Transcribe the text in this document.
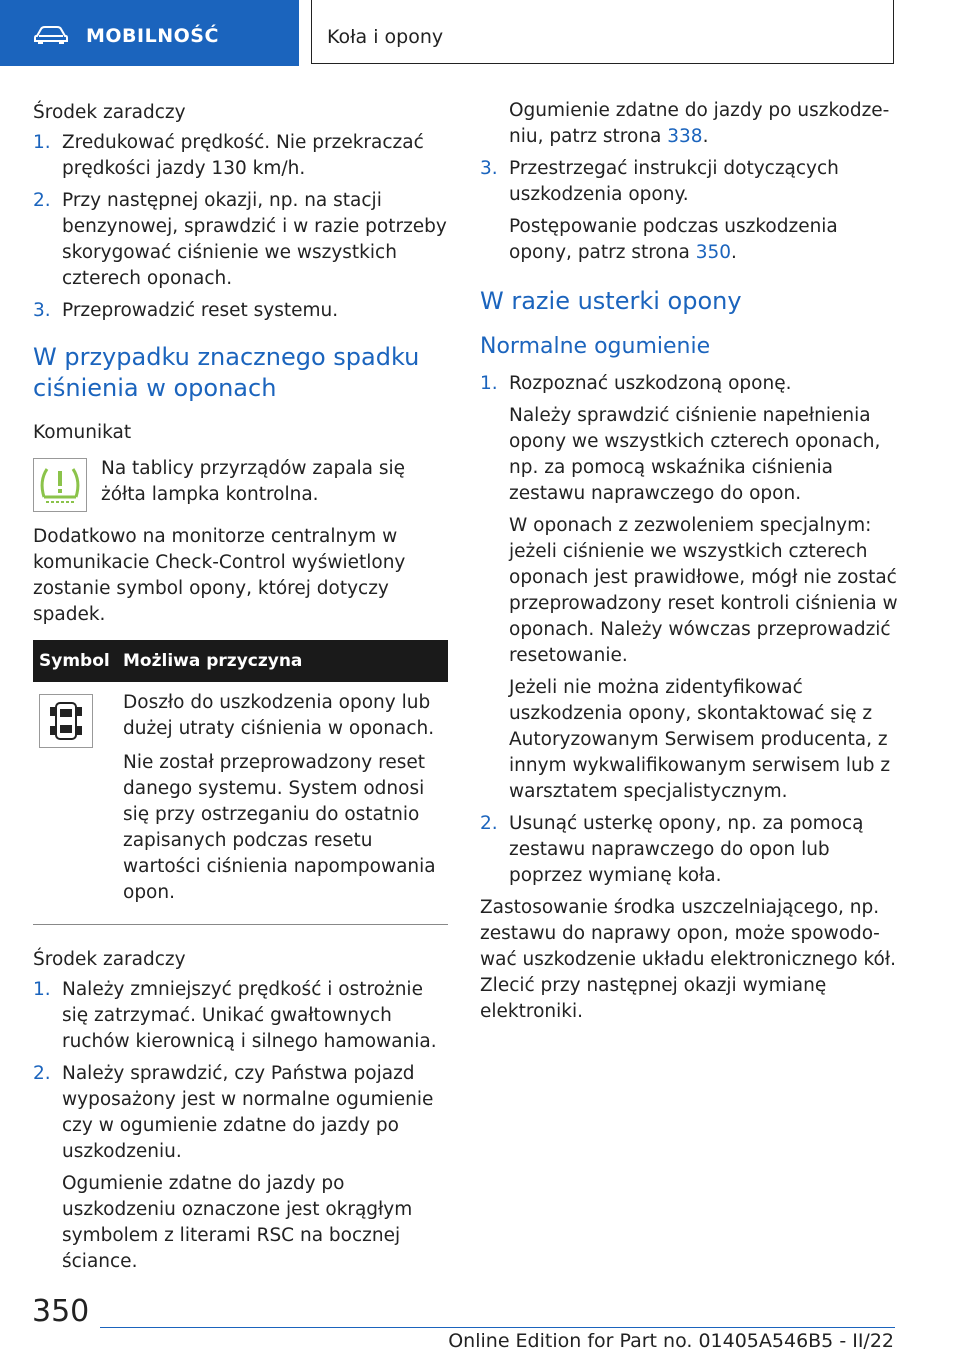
MOBILNOŚĆ	Koła i opony

Środek zaradczy

1. Zredukować prędkość. Nie przekraczać prędkości jazdy 130 km/h.
2. Przy następnej okazji, np. na stacji benzynowej, sprawdzić i w razie potrzeby skorygować ciśnienie we wszystkich czterech oponach.
3. Przeprowadzić reset systemu.
W przypadku znacznego spadku ciśnienia w oponach

Komunikat

Na tablicy przyrządów zapala się żółta lampka kontrolna.

Dodatkowo na monitorze centralnym w komunikacie Check-Control wyświetlony zostanie symbol opony, której dotyczy spadek.

Symbol	Możliwa przyczyna

Doszło do uszkodzenia opony lub dużej utraty ciśnienia w oponach.

Nie został przeprowadzony reset danego systemu. System odnosi się przy ostrzeganiu do ostatnio zapisanych podczas resetu wartości ciśnienia napompowania opon.

Środek zaradczy

1. Należy zmniejszyć prędkość i ostrożnie się zatrzymać. Unikać gwałtownych ruchów kierownicą i silnego hamowania.
2. Należy sprawdzić, czy Państwa pojazd wyposażony jest w normalne ogumienie czy w ogumienie zdatne do jazdy po uszkodzeniu.

Ogumienie zdatne do jazdy po uszkodzeniu oznaczone jest okrągłym symbolem z literami RSC na bocznej ściance.

Ogumienie zdatne do jazdy po uszkodzeniu, patrz strona 338.

3. Przestrzegać instrukcji dotyczących uszkodzenia opony.

Postępowanie podczas uszkodzenia opony, patrz strona 350.

W razie usterki opony
Normalne ogumienie
1. Rozpoznać uszkodzoną oponę.

Należy sprawdzić ciśnienie napełnienia opony we wszystkich czterech oponach, np. za pomocą wskaźnika ciśnienia zestawu naprawczego do opon.

W oponach z zezwoleniem specjalnym: jeżeli ciśnienie we wszystkich czterech oponach jest prawidłowe, mógł nie zostać przeprowadzony reset kontroli ciśnienia w oponach. Należy wówczas przeprowadzić resetowanie.

Jeżeli nie można zidentyfikować uszkodzenia opony, skontaktować się z Autoryzowanym Serwisem producenta, z innym wykwalifikowanym serwisem lub z warsztatem specjalistycznym.

2. Usunąć usterkę opony, np. za pomocą zestawu naprawczego do opon lub poprzez wymianę koła.

Zastosowanie środka uszczelniającego, np. zestawu do naprawy opon, może spowodować uszkodzenie układu elektronicznego kół. Zlecić przy następnej okazji wymianę elektroniki.

350
Online Edition for Part no. 01405A546B5 - II/22
